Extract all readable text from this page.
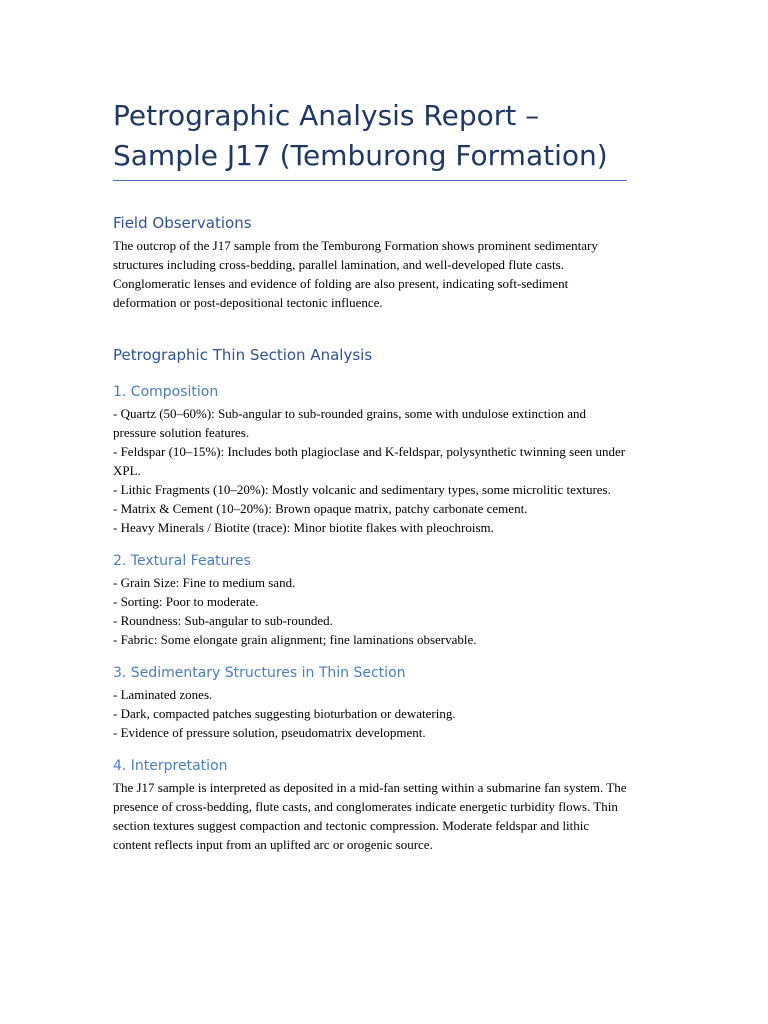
Petrographic Analysis Report – Sample J17 (Temburong Formation)
Field Observations

The outcrop of the J17 sample from the Temburong Formation shows prominent sedimentary structures including cross-bedding, parallel lamination, and well-developed flute casts. Conglomeratic lenses and evidence of folding are also present, indicating soft-sediment deformation or post-depositional tectonic influence.

Petrographic Thin Section Analysis
1. Composition

- Quartz (50–60%): Sub-angular to sub-rounded grains, some with undulose extinction and pressure solution features.
- Feldspar (10–15%): Includes both plagioclase and K-feldspar, polysynthetic twinning seen under XPL.
- Lithic Fragments (10–20%): Mostly volcanic and sedimentary types, some microlitic textures.
- Matrix & Cement (10–20%): Brown opaque matrix, patchy carbonate cement.
- Heavy Minerals / Biotite (trace): Minor biotite flakes with pleochroism.

2. Textural Features

- Grain Size: Fine to medium sand.
- Sorting: Poor to moderate.
- Roundness: Sub-angular to sub-rounded.
- Fabric: Some elongate grain alignment; fine laminations observable.

3. Sedimentary Structures in Thin Section

- Laminated zones.
- Dark, compacted patches suggesting bioturbation or dewatering.
- Evidence of pressure solution, pseudomatrix development.

4. Interpretation

The J17 sample is interpreted as deposited in a mid-fan setting within a submarine fan system. The presence of cross-bedding, flute casts, and conglomerates indicate energetic turbidity flows. Thin section textures suggest compaction and tectonic compression. Moderate feldspar and lithic content reflects input from an uplifted arc or orogenic source.
